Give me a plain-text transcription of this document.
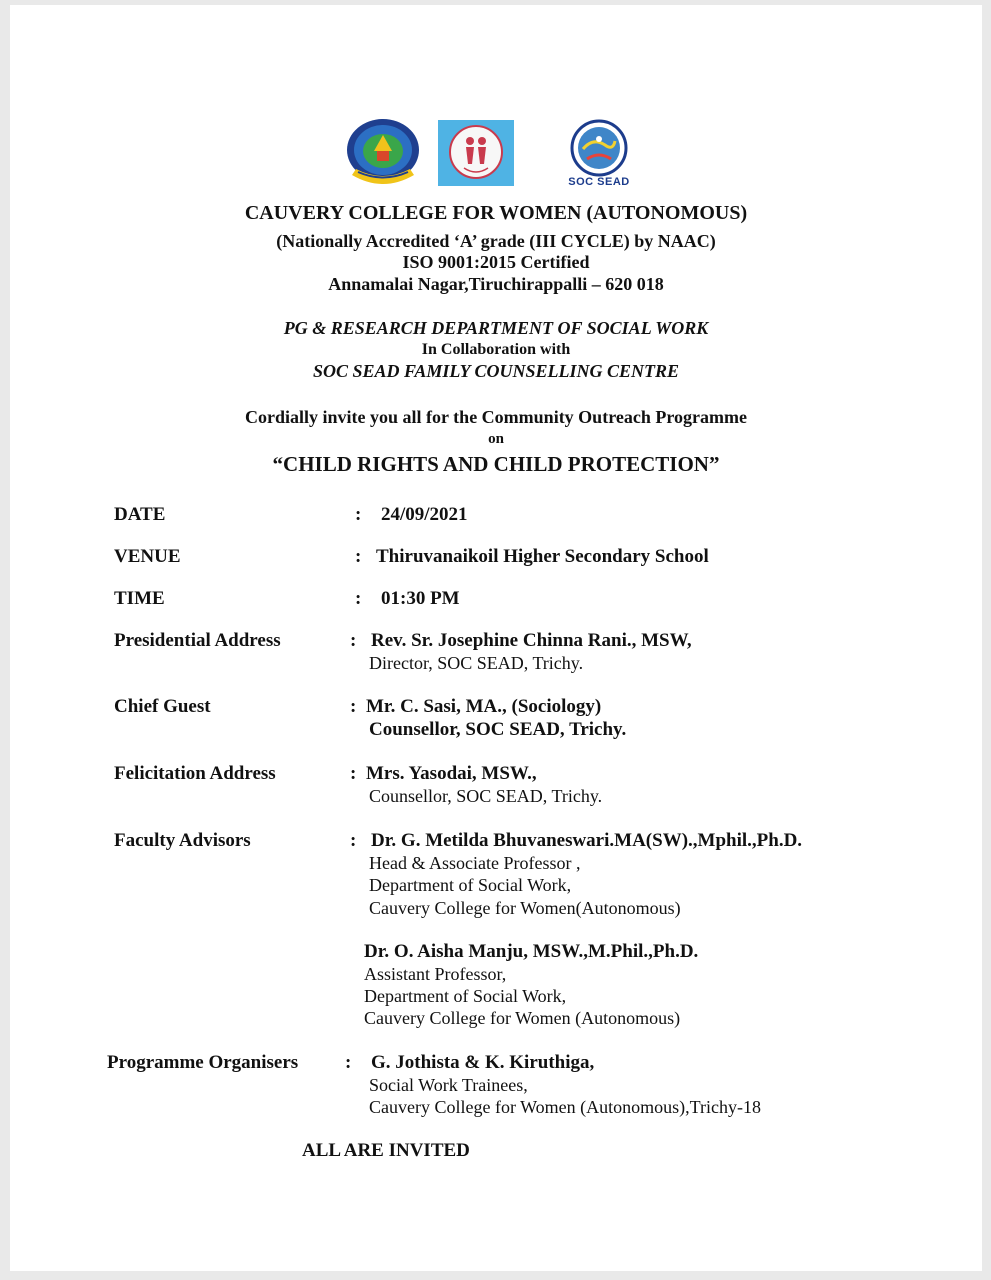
SOC SEAD
CAUVERY COLLEGE FOR WOMEN (AUTONOMOUS)
(Nationally Accredited ‘A’ grade (III CYCLE) by NAAC)
ISO 9001:2015 Certified
Annamalai Nagar,Tiruchirappalli – 620 018
PG & RESEARCH DEPARTMENT OF SOCIAL WORK
In Collaboration with
SOC SEAD FAMILY COUNSELLING CENTRE
Cordially invite you all for the Community Outreach Programme
on
“CHILD RIGHTS AND CHILD PROTECTION”
DATE	: 24/09/2021
VENUE	: Thiruvanaikoil Higher Secondary School
TIME	: 01:30 PM
Presidential Address	: Rev. Sr. Josephine Chinna Rani., MSW,
Director, SOC SEAD, Trichy.
Chief Guest	: Mr. C. Sasi, MA., (Sociology)
Counsellor, SOC SEAD, Trichy.
Felicitation Address	: Mrs. Yasodai, MSW.,
Counsellor, SOC SEAD, Trichy.
Faculty Advisors	: Dr. G. Metilda Bhuvaneswari.MA(SW).,Mphil.,Ph.D.
Head & Associate Professor ,
Department of Social Work,
Cauvery College for Women(Autonomous)
Dr. O. Aisha Manju, MSW.,M.Phil.,Ph.D.
Assistant Professor,
Department of Social Work,
Cauvery College for Women (Autonomous)
Programme Organisers : G. Jothista & K. Kiruthiga,
Social Work Trainees,
Cauvery College for Women (Autonomous),Trichy-18
ALL ARE INVITED
